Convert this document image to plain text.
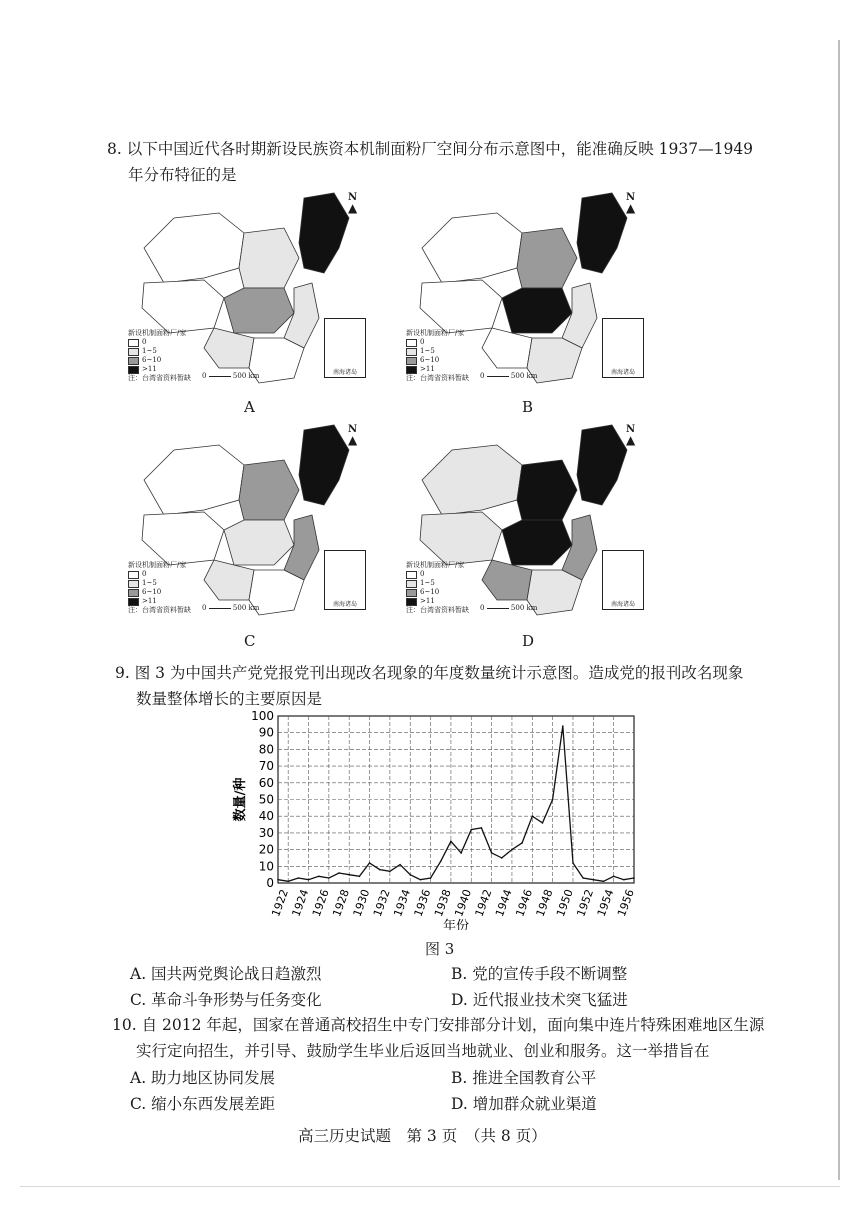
8. 以下中国近代各时期新设民族资本机制面粉厂空间分布示意图中，能准确反映 1937—1949
年分布特征的是
N
▲
新设机制面粉厂/家
0
1~5
6~10
>11
注：台湾省资料暂缺 0	500 km	南海诸岛
A
N
▲
新设机制面粉厂/家
0
1~5
6~10
>11
注：台湾省资料暂缺 0	500 km	南海诸岛
B
N
▲
新设机制面粉厂/家
0
1~5
6~10
>11
注：台湾省资料暂缺 0	500 km	南海诸岛
C
N
▲
新设机制面粉厂/家
0
1~5
6~10
>11
注：台湾省资料暂缺 0	500 km	南海诸岛
D
9. 图 3 为中国共产党党报党刊出现改名现象的年度数量统计示意图。造成党的报刊改名现象
数量整体增长的主要原因是
0
10
20
30
40
50
60
70
80
90
100
1922
1924
1926
1928
1930
1932
1934
1936
1938
1940
1942
1944
1946
1948
1950
1952
1954
1956
数量/种
年份
图 3
A. 国共两党舆论战日趋激烈	B. 党的宣传手段不断调整
C. 革命斗争形势与任务变化	D. 近代报业技术突飞猛进
10. 自 2012 年起，国家在普通高校招生中专门安排部分计划，面向集中连片特殊困难地区生源
实行定向招生，并引导、鼓励学生毕业后返回当地就业、创业和服务。这一举措旨在
A. 助力地区协同发展	B. 推进全国教育公平
C. 缩小东西发展差距	D. 增加群众就业渠道
高三历史试题　第 3 页　（共 8 页）
